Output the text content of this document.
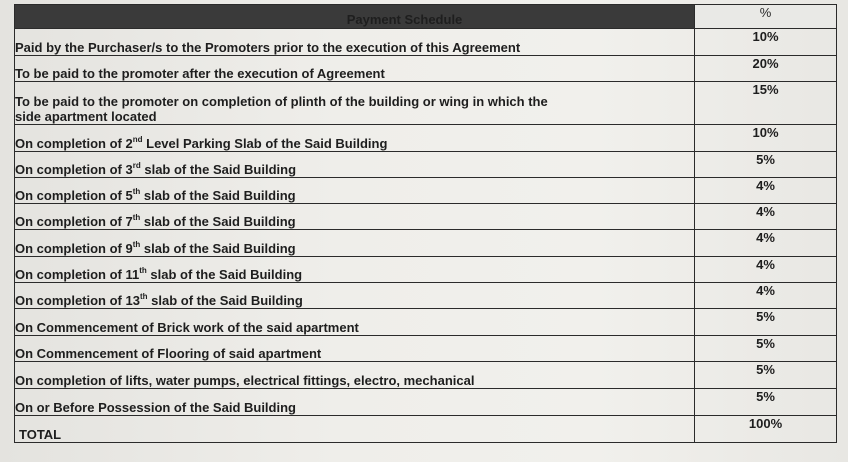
Payment Schedule	%
Paid by the Purchaser/s to the Promoters prior to the execution of this Agreement	10%
To be paid to the promoter after the execution of Agreement	20%
To be paid to the promoter on completion of plinth of the building or wing in which the
side apartment located	15%
On completion of 2nd Level Parking Slab of the Said Building	10%
On completion of 3rd slab of the Said Building	5%
On completion of 5th slab of the Said Building	4%
On completion of 7th slab of the Said Building	4%
On completion of 9th slab of the Said Building	4%
On completion of 11th slab of the Said Building	4%
On completion of 13th slab of the Said Building	4%
On Commencement of Brick work of the said apartment	5%
On Commencement of Flooring of said apartment	5%
On completion of lifts, water pumps, electrical fittings, electro, mechanical	5%
On or Before Possession of the Said Building	5%
TOTAL	100%
